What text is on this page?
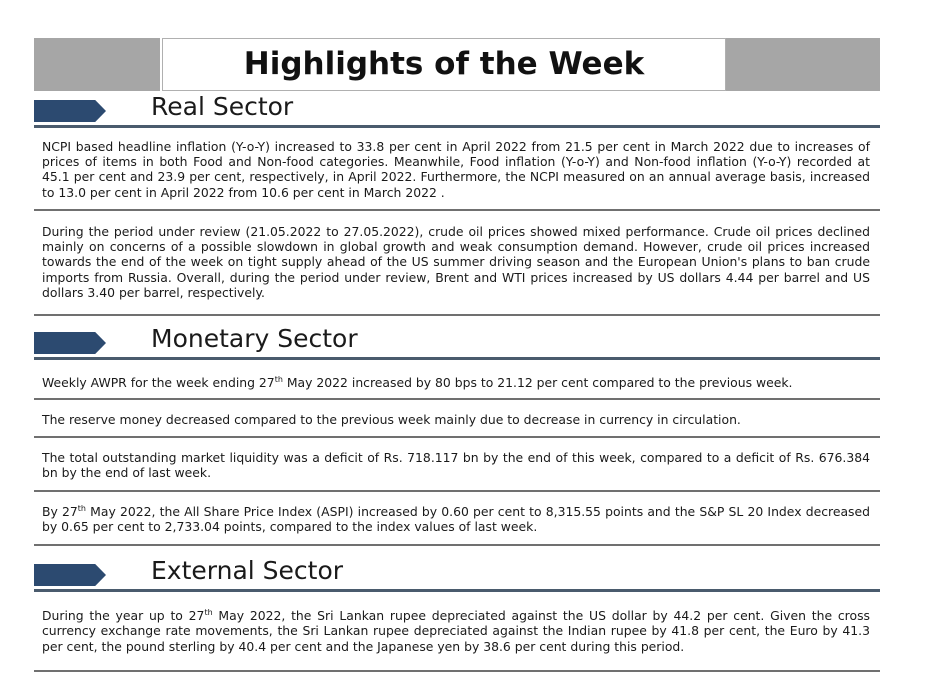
Highlights of the Week
Real Sector

NCPI based headline inflation (Y-o-Y) increased to 33.8 per cent in April 2022 from 21.5 per cent in March 2022 due to increases of prices of items in both Food and Non-food categories. Meanwhile, Food inflation (Y-o-Y) and Non-food inflation (Y-o-Y) recorded at 45.1 per cent and 23.9 per cent, respectively, in April 2022. Furthermore, the NCPI measured on an annual average basis, increased to 13.0 per cent in April 2022 from 10.6 per cent in March 2022 .

During the period under review (21.05.2022 to 27.05.2022), crude oil prices showed mixed performance. Crude oil prices declined mainly on concerns of a possible slowdown in global growth and weak consumption demand. However, crude oil prices increased towards the end of the week on tight supply ahead of the US summer driving season and the European Union's plans to ban crude imports from Russia. Overall, during the period under review, Brent and WTI prices increased by US dollars 4.44 per barrel and US dollars 3.40 per barrel, respectively.

Monetary Sector

Weekly AWPR for the week ending 27th May 2022 increased by 80 bps to 21.12 per cent compared to the previous week.

The reserve money decreased compared to the previous week mainly due to decrease in currency in circulation.

The total outstanding market liquidity was a deficit of Rs. 718.117 bn by the end of this week, compared to a deficit of Rs. 676.384 bn by the end of last week.

By 27th May 2022, the All Share Price Index (ASPI) increased by 0.60 per cent to 8,315.55 points and the S&P SL 20 Index decreased by 0.65 per cent to 2,733.04 points, compared to the index values of last week.

External Sector

During the year up to 27th May 2022, the Sri Lankan rupee depreciated against the US dollar by 44.2 per cent. Given the cross currency exchange rate movements, the Sri Lankan rupee depreciated against the Indian rupee by 41.8 per cent, the Euro by 41.3 per cent, the pound sterling by 40.4 per cent and the Japanese yen by 38.6 per cent during this period.
